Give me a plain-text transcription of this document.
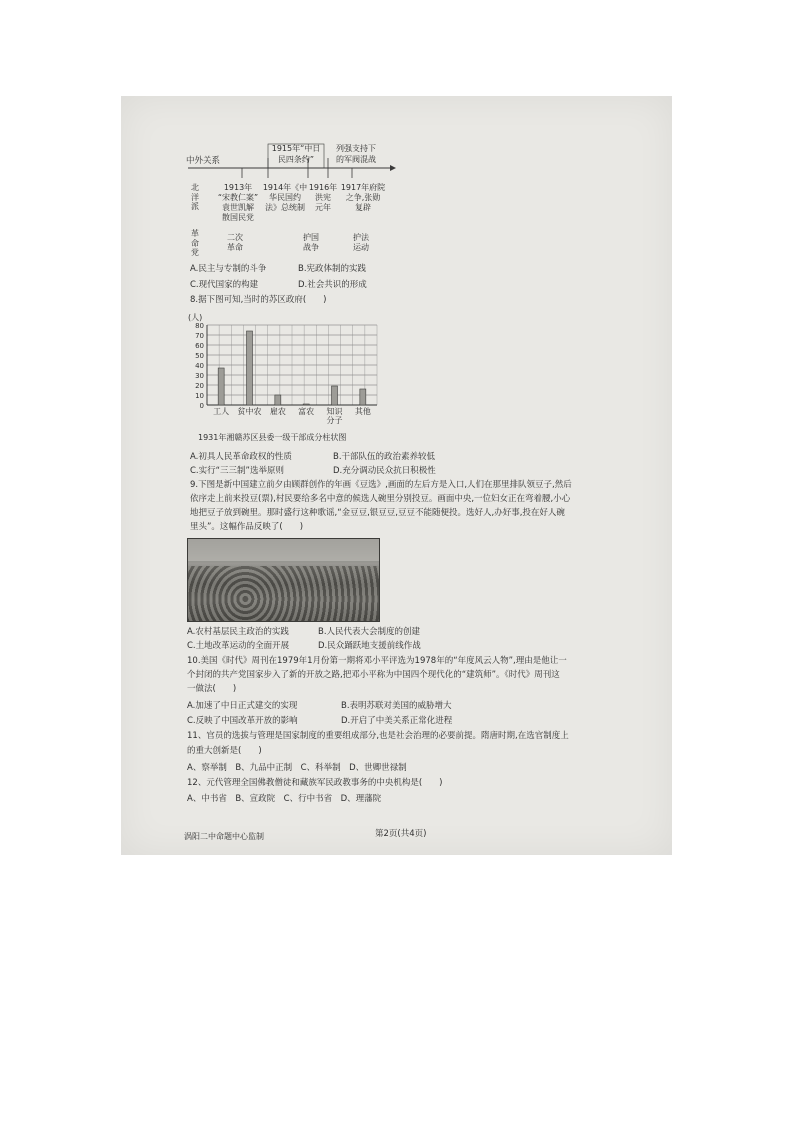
中外关系
1915年“中日
民四条约”
列强支持下
的军阀混战
北
洋
派
革
命
党
1913年
“宋教仁案”
袁世凯解
散国民党
1914年《中
华民国约
法》总统制
1916年
洪宪
元年
1917年府院
之争,张勋
复辟
二次
革命
护国
战争
护法
运动
A.民主与专制的斗争	B.宪政体制的实践
C.现代国家的构建	D.社会共识的形成
8.据下图可知,当时的苏区政府(　　)
(人)
80
70
60
50
40
30
20
10
0
工人 贫中农 雇农 富农 知识
分子
其他
1931年湘赣苏区县委一级干部成分柱状图
A.初具人民革命政权的性质	B.干部队伍的政治素养较低
C.实行“三三制”选举原则	D.充分调动民众抗日积极性
9.下图是新中国建立前夕由顾群创作的年画《豆选》,画面的左后方是入口,人们在那里排队领豆子,然后
依序走上前来投豆(票),村民要给多名中意的候选人碗里分别投豆。画面中央,一位妇女正在弯着腰,小心
地把豆子放到碗里。那时盛行这种歌谣,“金豆豆,银豆豆,豆豆不能随便投。选好人,办好事,投在好人碗
里头”。这幅作品反映了(　　)
A.农村基层民主政治的实践	B.人民代表大会制度的创建
C.土地改革运动的全面开展	D.民众踊跃地支援前线作战
10.美国《时代》周刊在1979年1月份第一期将邓小平评选为1978年的“年度风云人物”,理由是他让一
个封闭的共产党国家步入了新的开放之路,把邓小平称为中国四个现代化的“建筑师”。《时代》周刊这
一做法(　　)
A.加速了中日正式建交的实现	B.表明苏联对美国的威胁增大
C.反映了中国改革开放的影响	D.开启了中美关系正常化进程
11、官员的选拔与管理是国家制度的重要组成部分,也是社会治理的必要前提。隋唐时期,在选官制度上
的重大创新是(　　)
A、察举制　B、九品中正制　C、科举制　D、世卿世禄制
12、元代管理全国佛教僧徒和藏族军民政教事务的中央机构是(　　)
A、中书省　B、宣政院　C、行中书省　D、理藩院
涡阳二中命题中心监制	第2页(共4页)
